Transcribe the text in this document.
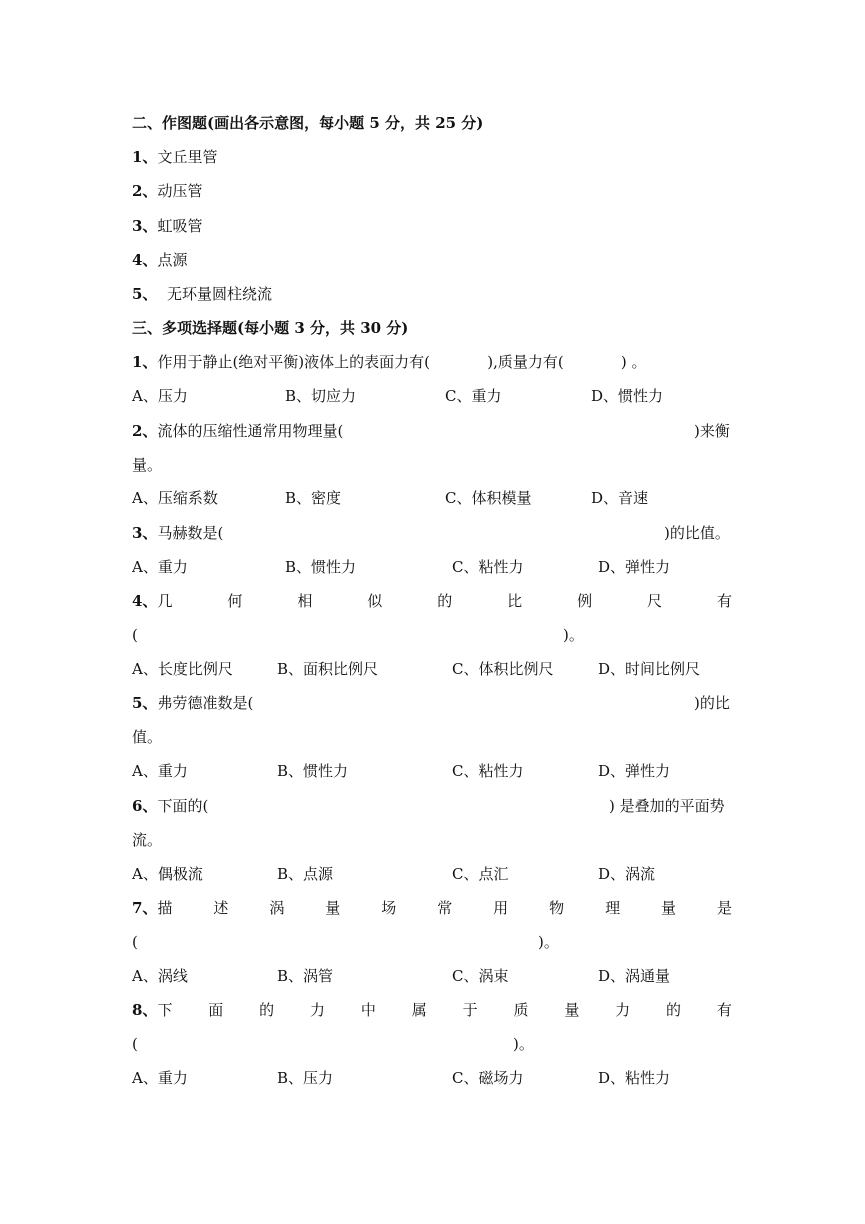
二、作图题(画出各示意图，每小题 5 分，共 25 分)
1、文丘里管
2、动压管
3、虹吸管
4、点源
5、  无环量圆柱绕流
三、多项选择题(每小题 3 分，共 30 分)
1、作用于静止(绝对平衡)液体上的表面力有(            ),质量力有(            ) 。
A、压力	B、切应力	C、重力	D、惯性力
2、流体的压缩性通常用物理量(	)来衡
量。
A、压缩系数	B、密度	C、体积模量	D、音速
3、马赫数是(	)的比值。
A、重力	B、惯性力	C、粘性力	D、弹性力
4、几	何	相	似	的	比	例	尺	有
(	)。
A、长度比例尺	B、面积比例尺	C、体积比例尺	D、时间比例尺
5、弗劳德准数是(	)的比
值。
A、重力	B、惯性力	C、粘性力	D、弹性力
6、下面的(	) 是叠加的平面势
流。
A、偶极流	B、点源	C、点汇	D、涡流
7、描	述	涡	量	场	常	用	物	理	量	是
(	)。
A、涡线	B、涡管	C、涡束	D、涡通量
8、下 面 的 力 中 属 于 质 量 力 的 有
(	)。
A、重力	B、压力	C、磁场力	D、粘性力
